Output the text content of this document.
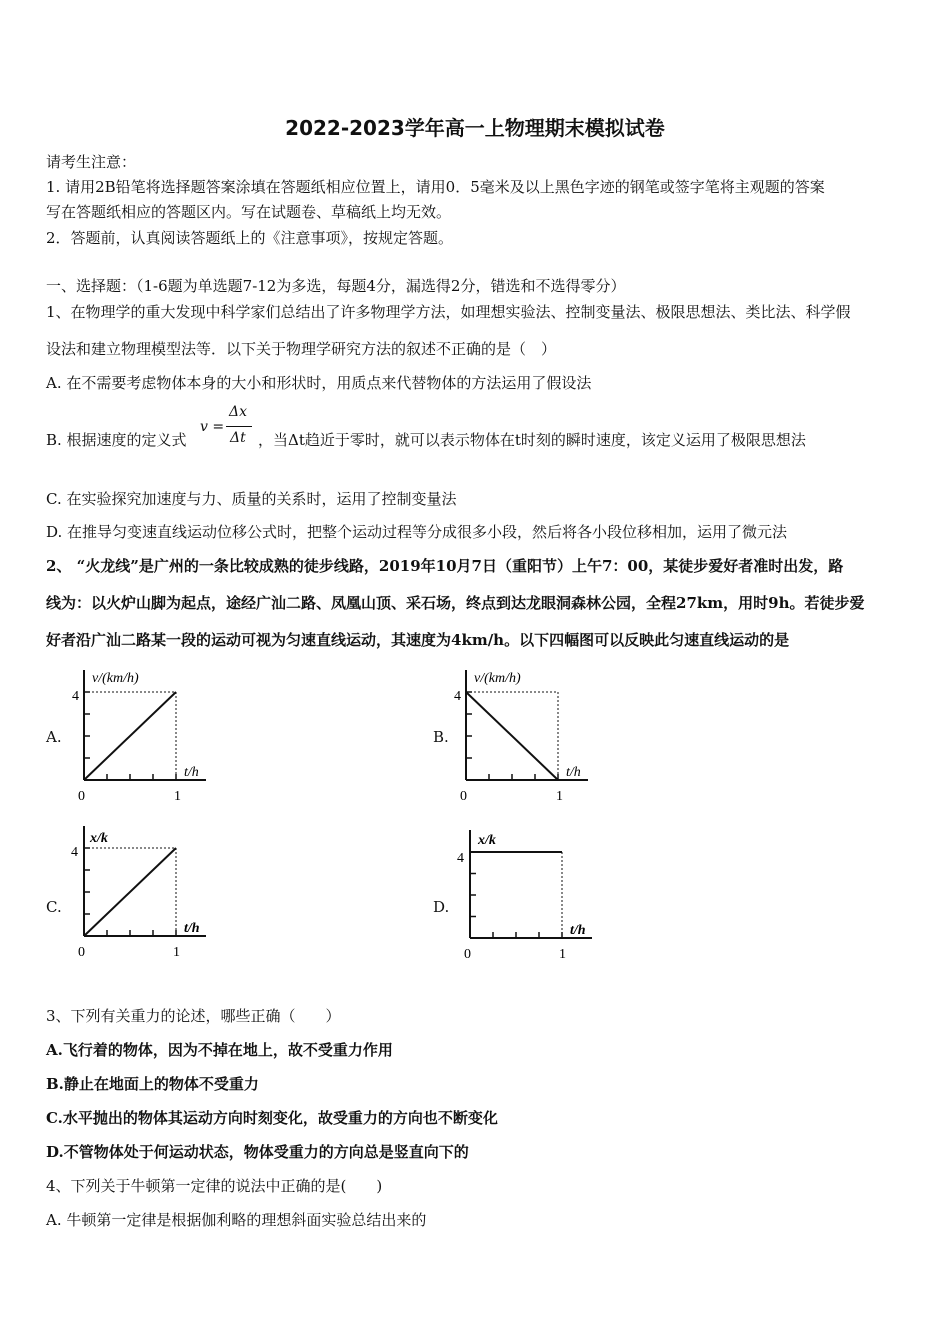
2022-2023学年高一上物理期末模拟试卷
请考生注意：
1. 请用2B铅笔将选择题答案涂填在答题纸相应位置上，请用0．5毫米及以上黑色字迹的钢笔或签字笔将主观题的答案
写在答题纸相应的答题区内。写在试题卷、草稿纸上均无效。
2．答题前，认真阅读答题纸上的《注意事项》，按规定答题。
一、选择题：（1-6题为单选题7-12为多选，每题4分，漏选得2分，错选和不选得零分）
1、在物理学的重大发现中科学家们总结出了许多物理学方法，如理想实验法、控制变量法、极限思想法、类比法、科学假
设法和建立物理模型法等．以下关于物理学研究方法的叙述不正确的是（　）
A. 在不需要考虑物体本身的大小和形状时，用质点来代替物体的方法运用了假设法
B. 根据速度的定义式
v =
Δx
Δt ，当Δt趋近于零时，就可以表示物体在t时刻的瞬时速度，该定义运用了极限思想法
C. 在实验探究加速度与力、质量的关系时，运用了控制变量法
D. 在推导匀变速直线运动位移公式时，把整个运动过程等分成很多小段，然后将各小段位移相加，运用了微元法
2、 “火龙线”是广州的一条比较成熟的徒步线路，2019年10月7日（重阳节）上午7：00，某徒步爱好者准时出发，路
线为：以火炉山脚为起点，途经广汕二路、凤凰山顶、采石场，终点到达龙眼洞森林公园，全程27km，用时9h。若徒步爱
好者沿广汕二路某一段的运动可视为匀速直线运动，其速度为4km/h。以下四幅图可以反映此匀速直线运动的是
A.	B.
C.	D.
v/(km/h)
t/h
4
1
0
v/(km/h)
t/h
4
1
0
x/k
t/h
4
1
0
x/k
t/h
4
1
0
3、下列有关重力的论述，哪些正确（　　）
A.飞行着的物体，因为不掉在地上，故不受重力作用
B.静止在地面上的物体不受重力
C.水平抛出的物体其运动方向时刻变化，故受重力的方向也不断变化
D.不管物体处于何运动状态，物体受重力的方向总是竖直向下的
4、下列关于牛顿第一定律的说法中正确的是(　　)
A. 牛顿第一定律是根据伽利略的理想斜面实验总结出来的
